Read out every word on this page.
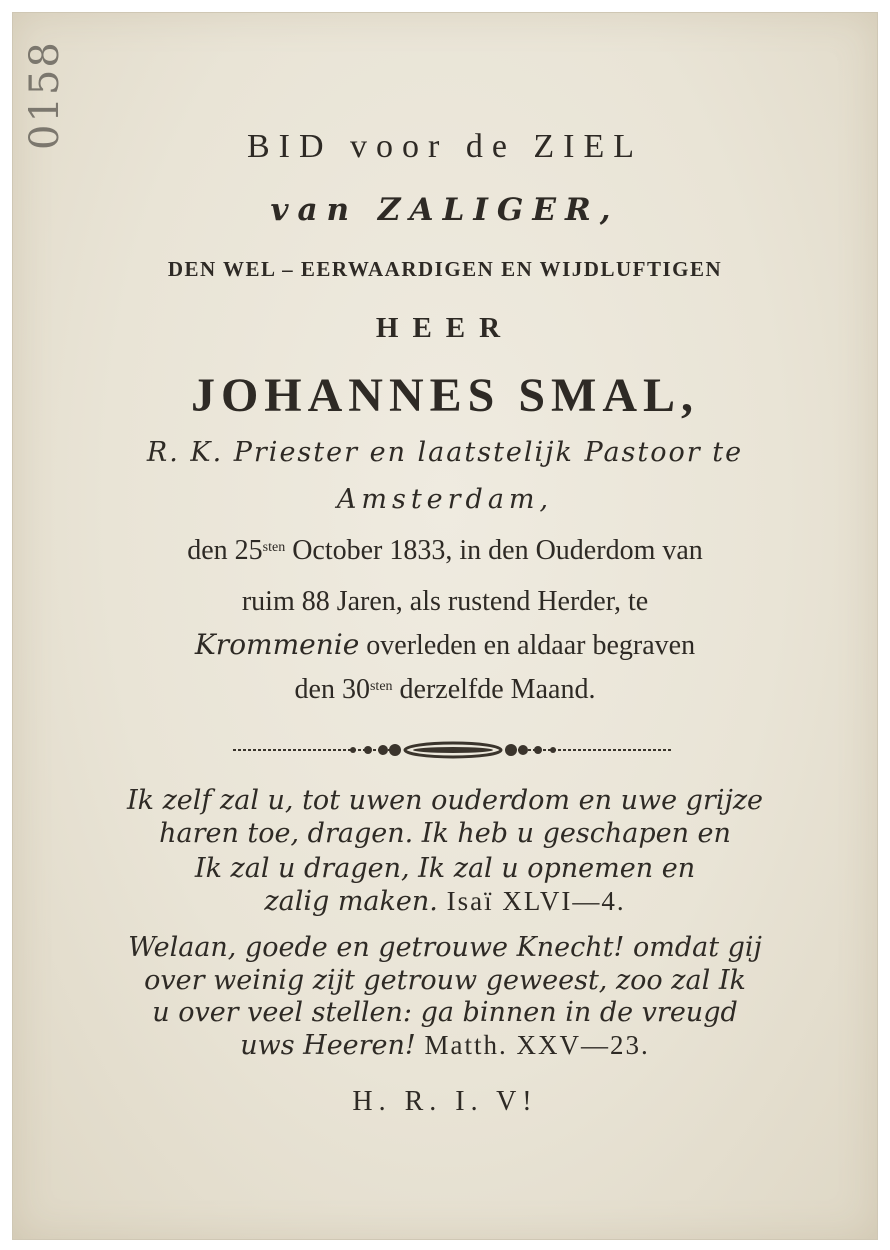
0158	BID voor de ZIEL
van ZALIGER,
DEN WEL – EERWAARDIGEN EN WIJDLUFTIGEN
HEER
JOHANNES SMAL,
R. K. Priester en laatstelijk Pastoor te
Amsterdam,
den $25^{sten}$ October 1833, in den Ouderdom van
ruim 88 Jaren, als rustend Herder, te
Krommenie overleden en aldaar begraven
den $30^{sten}$ derzelfde Maand.
Ik zelf zal u, tot uwen ouderdom en uwe grijze
haren toe, dragen. Ik heb u geschapen en
Ik zal u dragen, Ik zal u opnemen en
zalig maken. Isaï XLVI—4.
Welaan, goede en getrouwe Knecht! omdat gij
over weinig zijt getrouw geweest, zoo zal Ik
u over veel stellen: ga binnen in de vreugd
uws Heeren! Matth. XXV—23.
H. R. I. V!
